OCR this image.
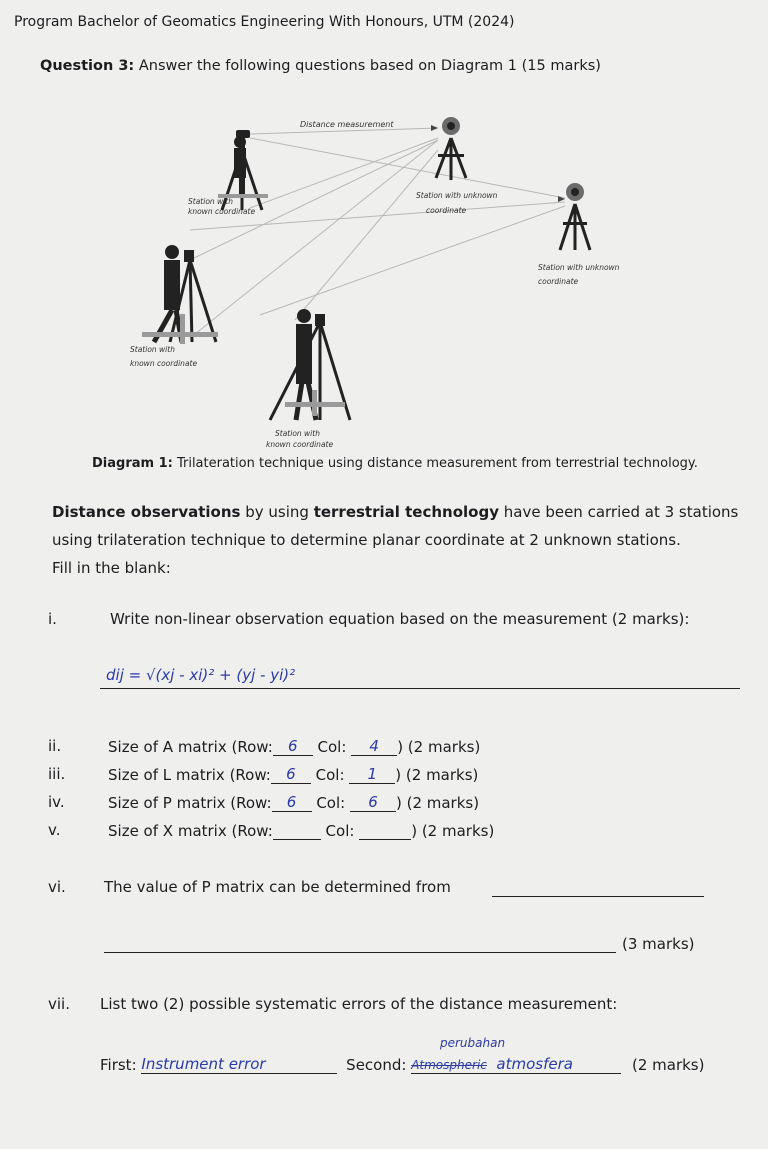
Program Bachelor of Geomatics Engineering With Honours, UTM (2024)
Question 3: Answer the following questions based on Diagram 1 (15 marks)
Distance measurement
Station with
known coordinate
Station with unknown
coordinate
Station with unknown
coordinate
Station with
known coordinate
Station with
known coordinate
Diagram 1: Trilateration technique using distance measurement from terrestrial technology.
Distance observations by using terrestrial technology have been carried at 3 stations using trilateration technique to determine planar coordinate at 2 unknown stations.
Fill in the blank:
i.	Write non-linear observation equation based on the measurement (2 marks):
dij = √(xj - xi)² + (yj - yi)²
ii.	Size of A matrix (Row: 6 Col: 4 ) (2 marks)
iii.	Size of L matrix (Row: 6 Col: 1 ) (2 marks)
iv.	Size of P matrix (Row: 6 Col: 6 ) (2 marks)
v.	Size of X matrix (Row:	Col:	) (2 marks)
vi.	The value of P matrix can be determined from
(3 marks)
vii. List two (2) possible systematic errors of the distance measurement:
perubahan
First: Instrument error	Second: Atmospheric atmosfera	(2 marks)
